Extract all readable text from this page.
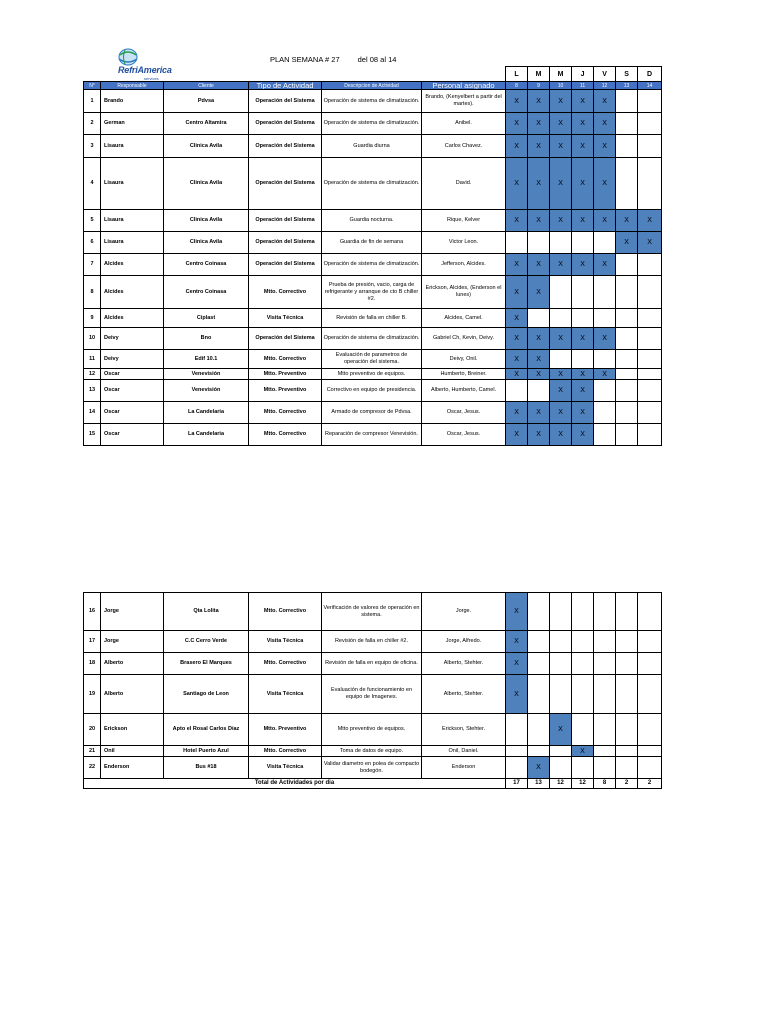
RefriAmerica
services
PLAN SEMANA # 27 del 08 al 14
						L	M	M	J	V	S	D
N°	Responsable	Cliente	Tipo de Actividad	Descripcion de Actividad	Personal asignado	8	9	10	11	12	13	14
1	Brando	Pdvsa	Operación del Sistema	Operación de sistema de climatización.	Brando, (Kenyelbert a partir del martes).	X	X	X	X	X		
2	German	Centro Altamira	Operación del Sistema	Operación de sistema de climatización.	Anibel.	X	X	X	X	X		
3	Lisaura	Clinica Avila	Operación del Sistema	Guardia diurna	Carlos Chavez.	X	X	X	X	X		
4	Lisaura	Clinica Avila	Operación del Sistema	Operación de sistema de climatización.	David.	X	X	X	X	X		
5	Lisaura	Clinica Avila	Operación del Sistema	Guardia nocturna.	Rique, Kelver	X	X	X	X	X	X	X
6	Lisaura	Clinica Avila	Operación del Sistema	Guardia de fin de semana	Victor Leon.						X	X
7	Alcides	Centro Coinasa	Operación del Sistema	Operación de sistema de climatización.	Jefferson, Alcides.	X	X	X	X	X		
8	Alcides	Centro Coinasa	Mtto. Correctivo	Prueba de presión, vacio, carga de refrigerante y arranque de cto B chiller #2.	Erickson, Alcides, (Enderson el lunes)	X	X					
9	Alcides	Ciplast	Visita Técnica	Revisión de falla en chiller B.	Alcides, Camel.	X						
10	Deivy	Bno	Operación del Sistema	Operación de sistema de climatización.	Gabriel Ch, Kevin, Deivy.	X	X	X	X	X		
11	Deivy	Edif 10.1	Mtto. Correctivo	Evaluación de parametros de operación del sistema.	Deivy, Onil.	X	X					
12	Oscar	Venevisión	Mtto. Preventivo	Mtto preventivo de equipos.	Humberto, Breiner.	X	X	X	X	X		
13	Oscar	Venevisión	Mtto. Preventivo	Correctivo en equipo de presidencia.	Alberto, Humberto, Camel.			X	X			
14	Oscar	La Candelaria	Mtto. Correctivo	Armado de compresor de Pdvsa.	Oscar, Jesus.	X	X	X	X			
15	Oscar	La Candelaria	Mtto. Correctivo	Reparación de compresor Venevisión.	Oscar, Jesus.	X	X	X	X			
16	Jorge	Qta Lolita	Mtto. Correctivo	Verificación de valores de operación en sistema.	Jorge.	X						
17	Jorge	C.C Cerro Verde	Visita Técnica	Revisión de falla en chiller #2.	Jorge, Alfredo.	X						
18	Alberto	Brasero El Marques	Mtto. Correctivo	Revisión de falla en equipo de oficina.	Alberto, Stehter.	X						
19	Alberto	Santiago de Leon	Visita Técnica	Evaluación de funcionamiento en equipo de Imagenes.	Alberto, Stehter.	X						
20	Erickson	Apto el Rosal Carlos Díaz	Mtto. Preventivo	Mtto preventivo de equipos.	Erickson, Stehter.			X				
21	Onil	Hotel Puerto Azul	Mtto. Correctivo	Toma de datos de equipo.	Onil, Daniel.				X			
22	Enderson	Bus #18	Visita Técnica	Validar diametro en polea de compacto bodegón.	Enderson		X					
Total de Actividades por dia						17	13	12	12	8	2	2
